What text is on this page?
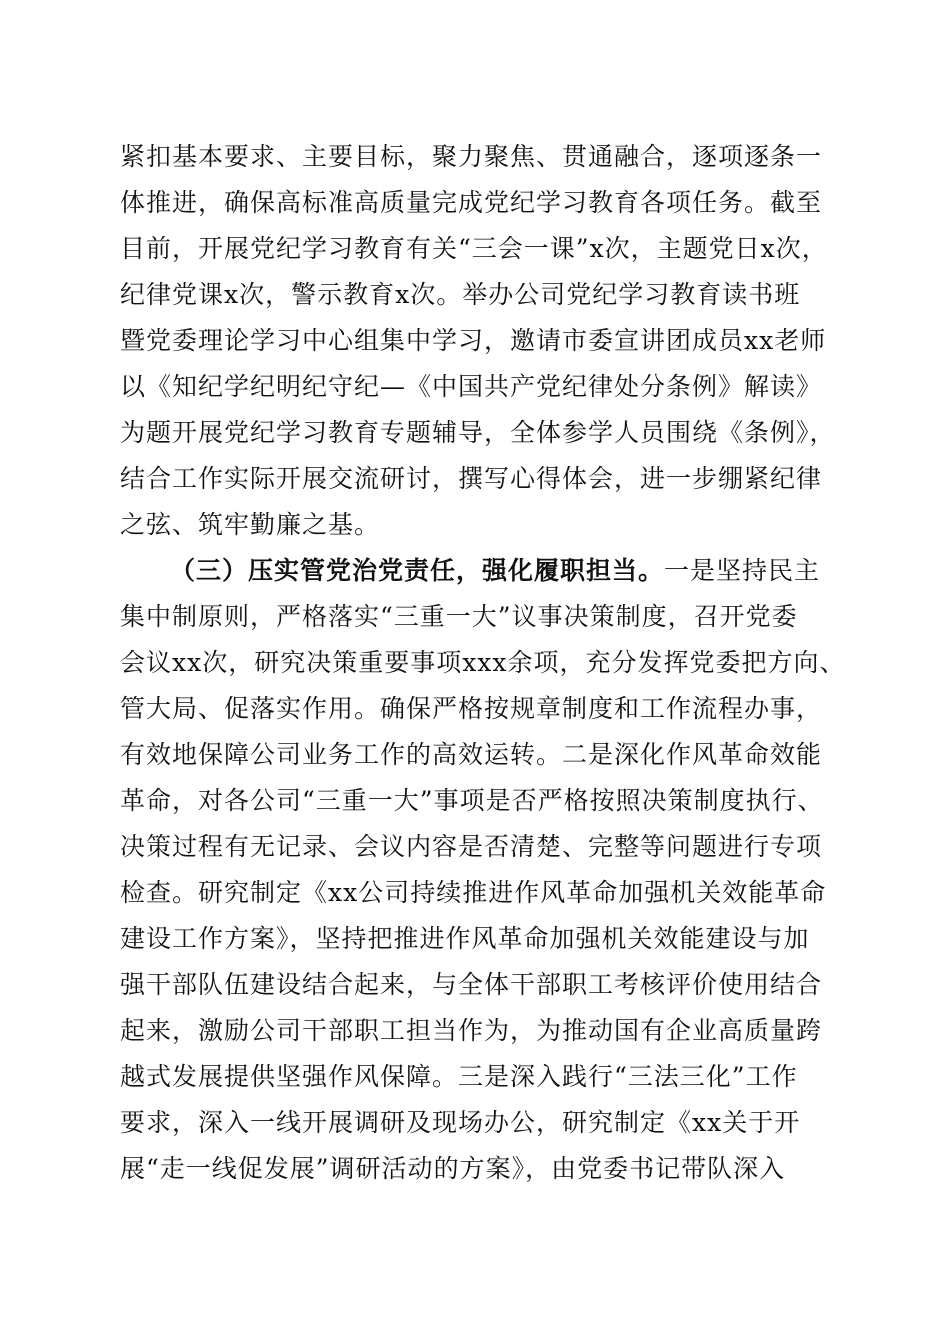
紧扣基本要求、主要目标，聚力聚焦、贯通融合，逐项逐条一
体推进，确保高标准高质量完成党纪学习教育各项任务。截至
目前，开展党纪学习教育有关“三会一课”x次，主题党日x次，
纪律党课x次，警示教育x次。举办公司党纪学习教育读书班
暨党委理论学习中心组集中学习，邀请市委宣讲团成员xx老师
以《知纪学纪明纪守纪—《中国共产党纪律处分条例》解读》
为题开展党纪学习教育专题辅导，全体参学人员围绕《条例》，
结合工作实际开展交流研讨，撰写心得体会，进一步绷紧纪律
之弦、筑牢勤廉之基。
（三）压实管党治党责任，强化履职担当。一是坚持民主
集中制原则，严格落实“三重一大”议事决策制度，召开党委
会议xx次，研究决策重要事项xxx余项，充分发挥党委把方向、
管大局、促落实作用。确保严格按规章制度和工作流程办事，
有效地保障公司业务工作的高效运转。二是深化作风革命效能
革命，对各公司“三重一大”事项是否严格按照决策制度执行、
决策过程有无记录、会议内容是否清楚、完整等问题进行专项
检查。研究制定《xx公司持续推进作风革命加强机关效能革命
建设工作方案》，坚持把推进作风革命加强机关效能建设与加
强干部队伍建设结合起来，与全体干部职工考核评价使用结合
起来，激励公司干部职工担当作为，为推动国有企业高质量跨
越式发展提供坚强作风保障。三是深入践行“三法三化”工作
要求，深入一线开展调研及现场办公，研究制定《xx关于开
展“走一线促发展”调研活动的方案》，由党委书记带队深入
